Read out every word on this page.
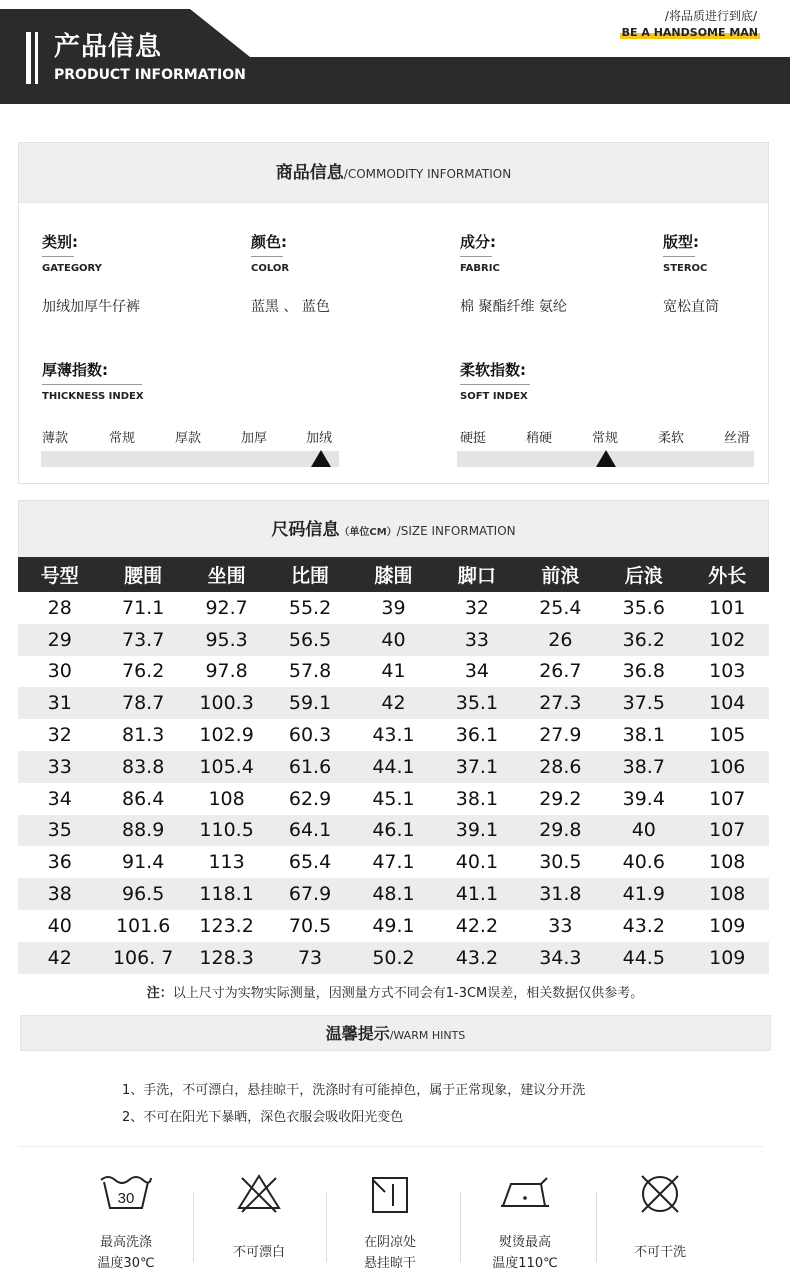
产品信息
PRODUCT INFORMATION
/将品质进行到底/
BE A HANDSOME MAN
商品信息/COMMODITY INFORMATION
类别:
GATEGORY
颜色:
COLOR
成分:
FABRIC
版型:
STEROC
加绒加厚牛仔裤	蓝黑 、 蓝色	棉 聚酯纤维 氨纶	宽松直筒
厚薄指数:
THICKNESS INDEX
薄款	常规	厚款	加厚	加绒
柔软指数:
SOFT INDEX
硬挺	稍硬	常规	柔软	丝滑
尺码信息（单位CM）/SIZE INFORMATION
号型	腰围	坐围	比围	膝围	脚口	前浪	后浪	外长
28	71.1	92.7	55.2	39	32	25.4	35.6	101
29	73.7	95.3	56.5	40	33	26	36.2	102
30	76.2	97.8	57.8	41	34	26.7	36.8	103
31	78.7	100.3	59.1	42	35.1	27.3	37.5	104
32	81.3	102.9	60.3	43.1	36.1	27.9	38.1	105
33	83.8	105.4	61.6	44.1	37.1	28.6	38.7	106
34	86.4	108	62.9	45.1	38.1	29.2	39.4	107
35	88.9	110.5	64.1	46.1	39.1	29.8	40	107
36	91.4	113	65.4	47.1	40.1	30.5	40.6	108
38	96.5	118.1	67.9	48.1	41.1	31.8	41.9	108
40	101.6	123.2	70.5	49.1	42.2	33	43.2	109
42	106. 7	128.3	73	50.2	43.2	34.3	44.5	109
注：以上尺寸为实物实际测量，因测量方式不同会有1-3CM误差，相关数据仅供参考。
温馨提示/WARM HINTS
1、手洗，不可漂白，悬挂晾干，洗涤时有可能掉色，属于正常现象，建议分开洗
2、不可在阳光下暴晒，深色衣服会吸收阳光变色
30
最高洗涤
温度30℃
不可漂白
在阴凉处
悬挂晾干
熨烫最高
温度110℃
不可干洗
